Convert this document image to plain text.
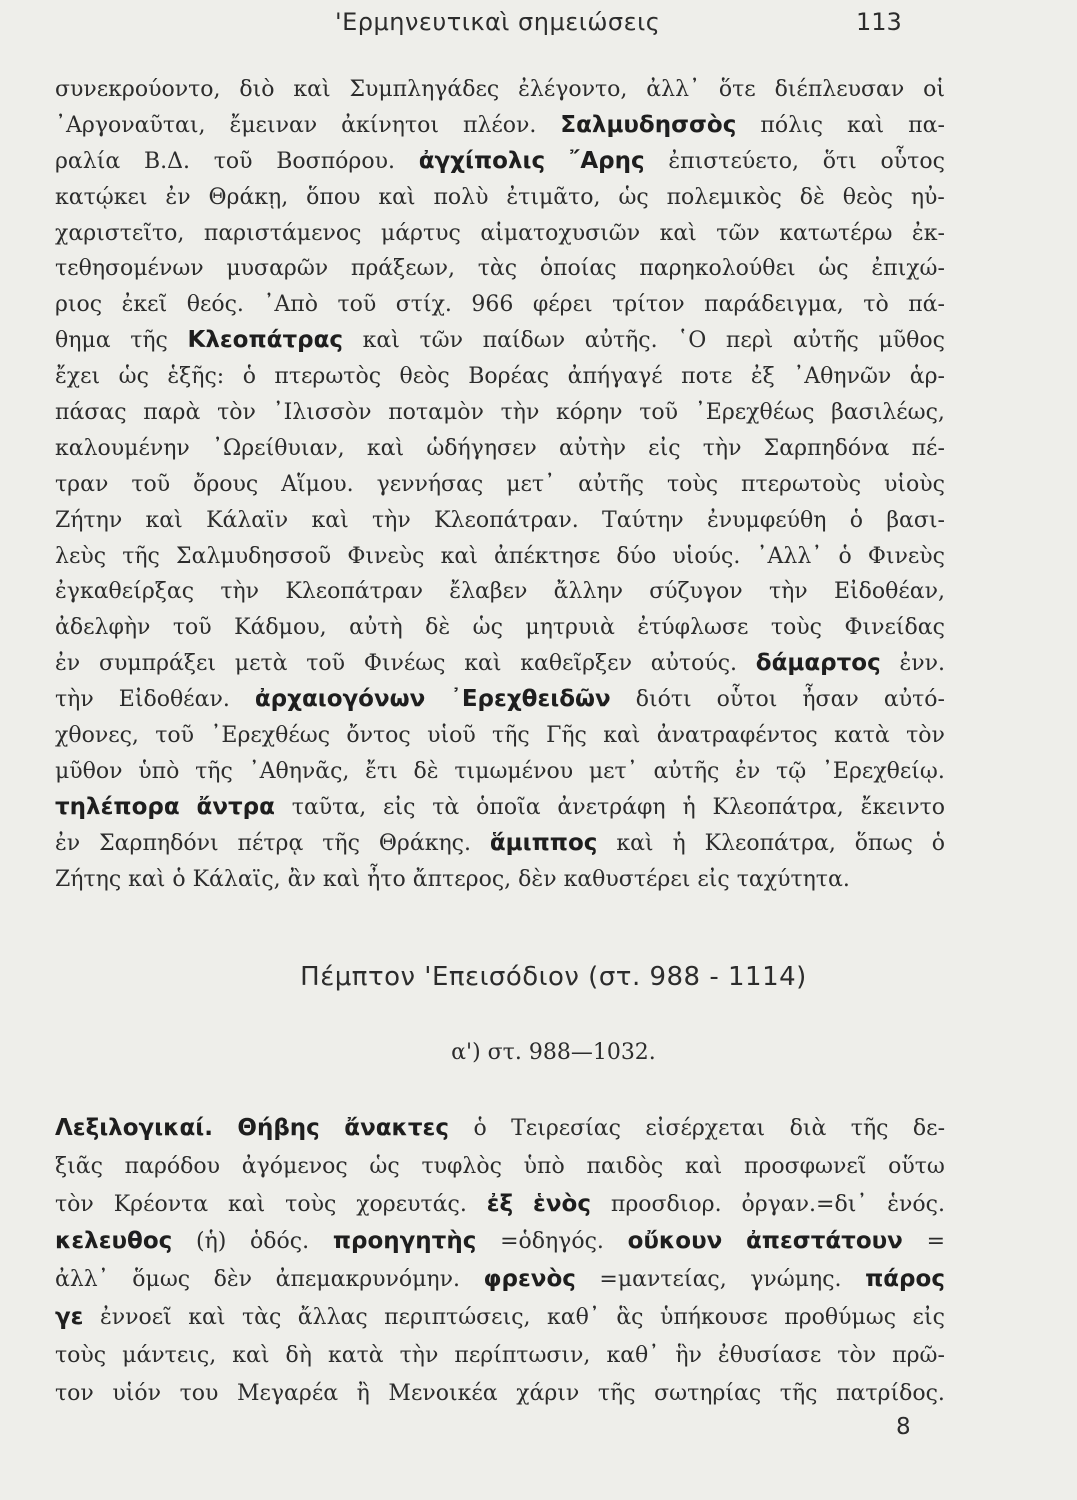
'Ερμηνευτικαὶ σημειώσεις	113
συνεκρούοντο, διὸ καὶ Συμπληγάδες ἐλέγοντο, ἀλλ᾿ ὅτε διέπλευσαν οἱ
᾿Αργοναῦται, ἔμειναν ἀκίνητοι πλέον. Σαλμυδησσὸς πόλις καὶ πα-
ραλία Β.Δ. τοῦ Βοσπόρου. ἀγχίπολις ῎Αρης ἐπιστεύετο, ὅτι οὗτος
κατῴκει ἐν Θράκῃ, ὅπου καὶ πολὺ ἐτιμᾶτο, ὡς πολεμικὸς δὲ θεὸς ηὐ-
χαριστεῖτο, παριστάμενος μάρτυς αἱματοχυσιῶν καὶ τῶν κατωτέρω ἐκ-
τεθησομένων μυσαρῶν πράξεων, τὰς ὁποίας παρηκολούθει ὡς ἐπιχώ-
ριος ἐκεῖ θεός. ᾿Απὸ τοῦ στίχ. 966 φέρει τρίτον παράδειγμα, τὸ πά-
θημα τῆς Κλεοπάτρας καὶ τῶν παίδων αὐτῆς. ῾Ο περὶ αὐτῆς μῦθος
ἔχει ὡς ἑξῆς: ὁ πτερωτὸς θεὸς Βορέας ἀπήγαγέ ποτε ἐξ ᾿Αθηνῶν ἁρ-
πάσας παρὰ τὸν ᾿Ιλισσὸν ποταμὸν τὴν κόρην τοῦ ᾿Ερεχθέως βασιλέως,
καλουμένην ᾿Ωρείθυιαν, καὶ ὡδήγησεν αὐτὴν εἰς τὴν Σαρπηδόνα πέ-
τραν τοῦ ὄρους Αἵμου. γεννήσας μετ᾿ αὐτῆς τοὺς πτερωτοὺς υἱοὺς
Ζήτην καὶ Κάλαϊν καὶ τὴν Κλεοπάτραν. Ταύτην ἐνυμφεύθη ὁ βασι-
λεὺς τῆς Σαλμυδησσοῦ Φινεὺς καὶ ἀπέκτησε δύο υἱούς. ᾿Αλλ᾿ ὁ Φινεὺς
ἐγκαθείρξας τὴν Κλεοπάτραν ἔλαβεν ἄλλην σύζυγον τὴν Εἰδοθέαν,
ἀδελφὴν τοῦ Κάδμου, αὐτὴ δὲ ὡς μητρυιὰ ἐτύφλωσε τοὺς Φινείδας
ἐν συμπράξει μετὰ τοῦ Φινέως καὶ καθεῖρξεν αὐτούς. δάμαρτος ἐνν.
τὴν Εἰδοθέαν. ἀρχαιογόνων ᾿Ερεχθειδῶν διότι οὗτοι ἦσαν αὐτό-
χθονες, τοῦ ᾿Ερεχθέως ὄντος υἱοῦ τῆς Γῆς καὶ ἀνατραφέντος κατὰ τὸν
μῦθον ὑπὸ τῆς ᾿Αθηνᾶς, ἔτι δὲ τιμωμένου μετ᾿ αὐτῆς ἐν τῷ ᾿Ερεχθείῳ.
τηλέπορα ἄντρα ταῦτα, εἰς τὰ ὁποῖα ἀνετράφη ἡ Κλεοπάτρα, ἔκειντο
ἐν Σαρπηδόνι πέτρᾳ τῆς Θράκης. ἅμιππος καὶ ἡ Κλεοπάτρα, ὅπως ὁ
Ζήτης καὶ ὁ Κάλαϊς, ἂν καὶ ἦτο ἄπτερος, δὲν καθυστέρει εἰς ταχύτητα.
Πέμπτον 'Επεισόδιον (στ. 988 - 1114)
α') στ. 988—1032.
Λεξιλογικαί. Θήβης ἄνακτες ὁ Τειρεσίας εἰσέρχεται διὰ τῆς δε-
ξιᾶς παρόδου ἀγόμενος ὡς τυφλὸς ὑπὸ παιδὸς καὶ προσφωνεῖ οὕτω
τὸν Κρέοντα καὶ τοὺς χορευτάς. ἐξ ἑνὸς προσδιορ. ὀργαν.=δι᾿ ἑνός.
κελευθος (ἡ) ὁδός. προηγητὴς =ὁδηγός. οὔκουν ἀπεστάτουν =
ἀλλ᾿ ὅμως δὲν ἀπεμακρυνόμην. φρενὸς =μαντείας, γνώμης. πάρος
γε ἐννοεῖ καὶ τὰς ἄλλας περιπτώσεις, καθ᾿ ἃς ὑπήκουσε προθύμως εἰς
τοὺς μάντεις, καὶ δὴ κατὰ τὴν περίπτωσιν, καθ᾿ ἣν ἐθυσίασε τὸν πρῶ-
τον υἱόν του Μεγαρέα ἢ Μενοικέα χάριν τῆς σωτηρίας τῆς πατρίδος.
8
